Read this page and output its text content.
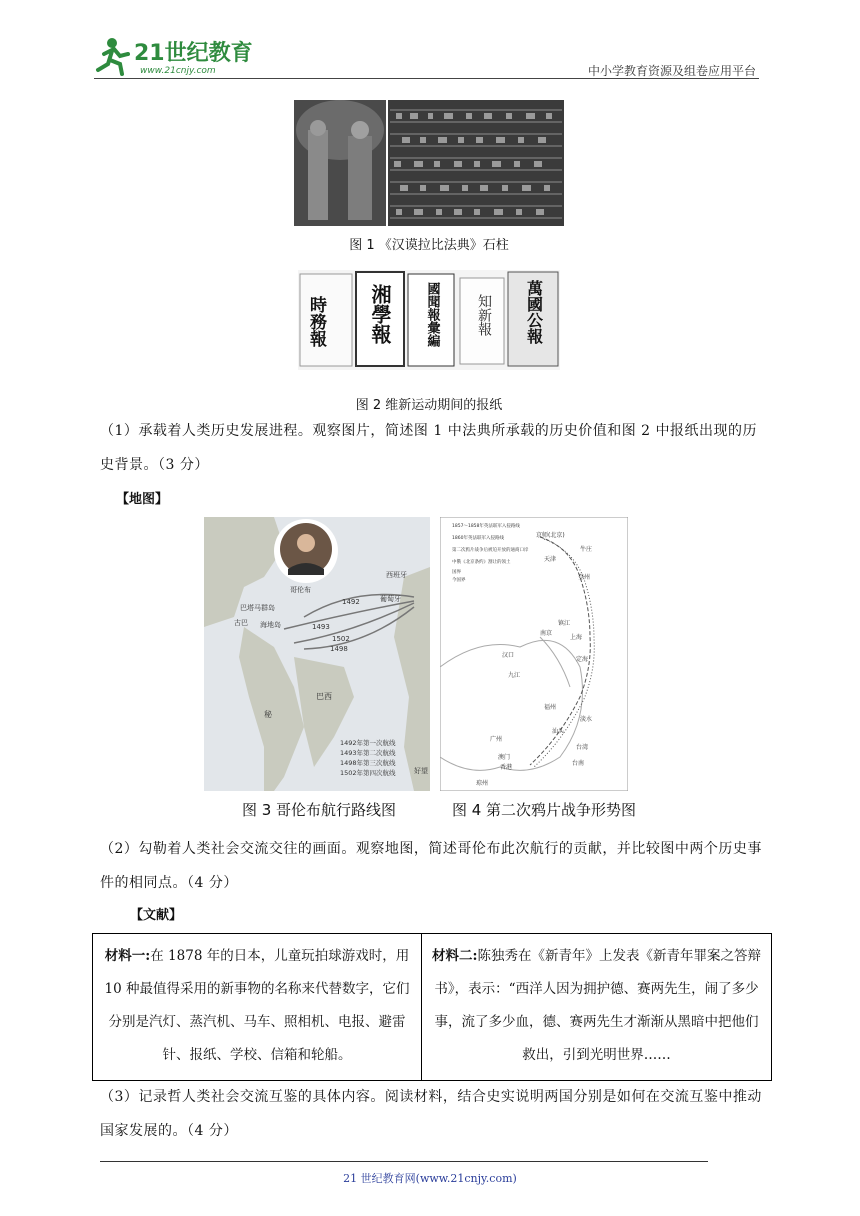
21世纪教育
www.21cnjy.com	中小学教育资源及组卷应用平台
图 1 《汉谟拉比法典》石柱
時務報 湘學報	國聞報彙編	知新報 萬國公報
图 2 维新运动期间的报纸
（1）承载着人类历史发展进程。观察图片，简述图 1 中法典所承载的历史价值和图 2 中报纸出现的历史背景。（3 分）
【地图】
哥伦布
西班牙
葡萄牙
巴塔马群岛
古巴 海地岛
巴西
秘
好望
1492
1493
1502
1498
1492年第一次航线
1493年第二次航线
1498年第三次航线
1502年第四次航线
1857～1858年英法联军入侵路线
1860年英法联军入侵路线
第二次鸦片战争后被迫开放的通商口岸
中俄《北京条约》割让的领土
国界
今国界
京师(北京)
天津
牛庄
登州
镇江
上海
定海
汉口
九江
南京
福州
淡水
汕头
台湾
广州
澳门
香港
琼州
台南
图 3 哥伦布航行路线图	图 4 第二次鸦片战争形势图
（2）勾勒着人类社会交流交往的画面。观察地图，简述哥伦布此次航行的贡献，并比较图中两个历史事件的相同点。（4 分）
【文献】
材料一:在 1878 年的日本，儿童玩拍球游戏时，用 10 种最值得采用的新事物的名称来代替数字，它们分别是汽灯、蒸汽机、马车、照相机、电报、避雷针、报纸、学校、信箱和轮船。
材料二:陈独秀在《新青年》上发表《新青年罪案之答辩书》，表示：“西洋人因为拥护德、赛两先生，闹了多少事，流了多少血，德、赛两先生才渐渐从黑暗中把他们救出，引到光明世界……
（3）记录哲人类社会交流互鉴的具体内容。阅读材料，结合史实说明两国分别是如何在交流互鉴中推动国家发展的。（4 分）
21 世纪教育网(www.21cnjy.com)
